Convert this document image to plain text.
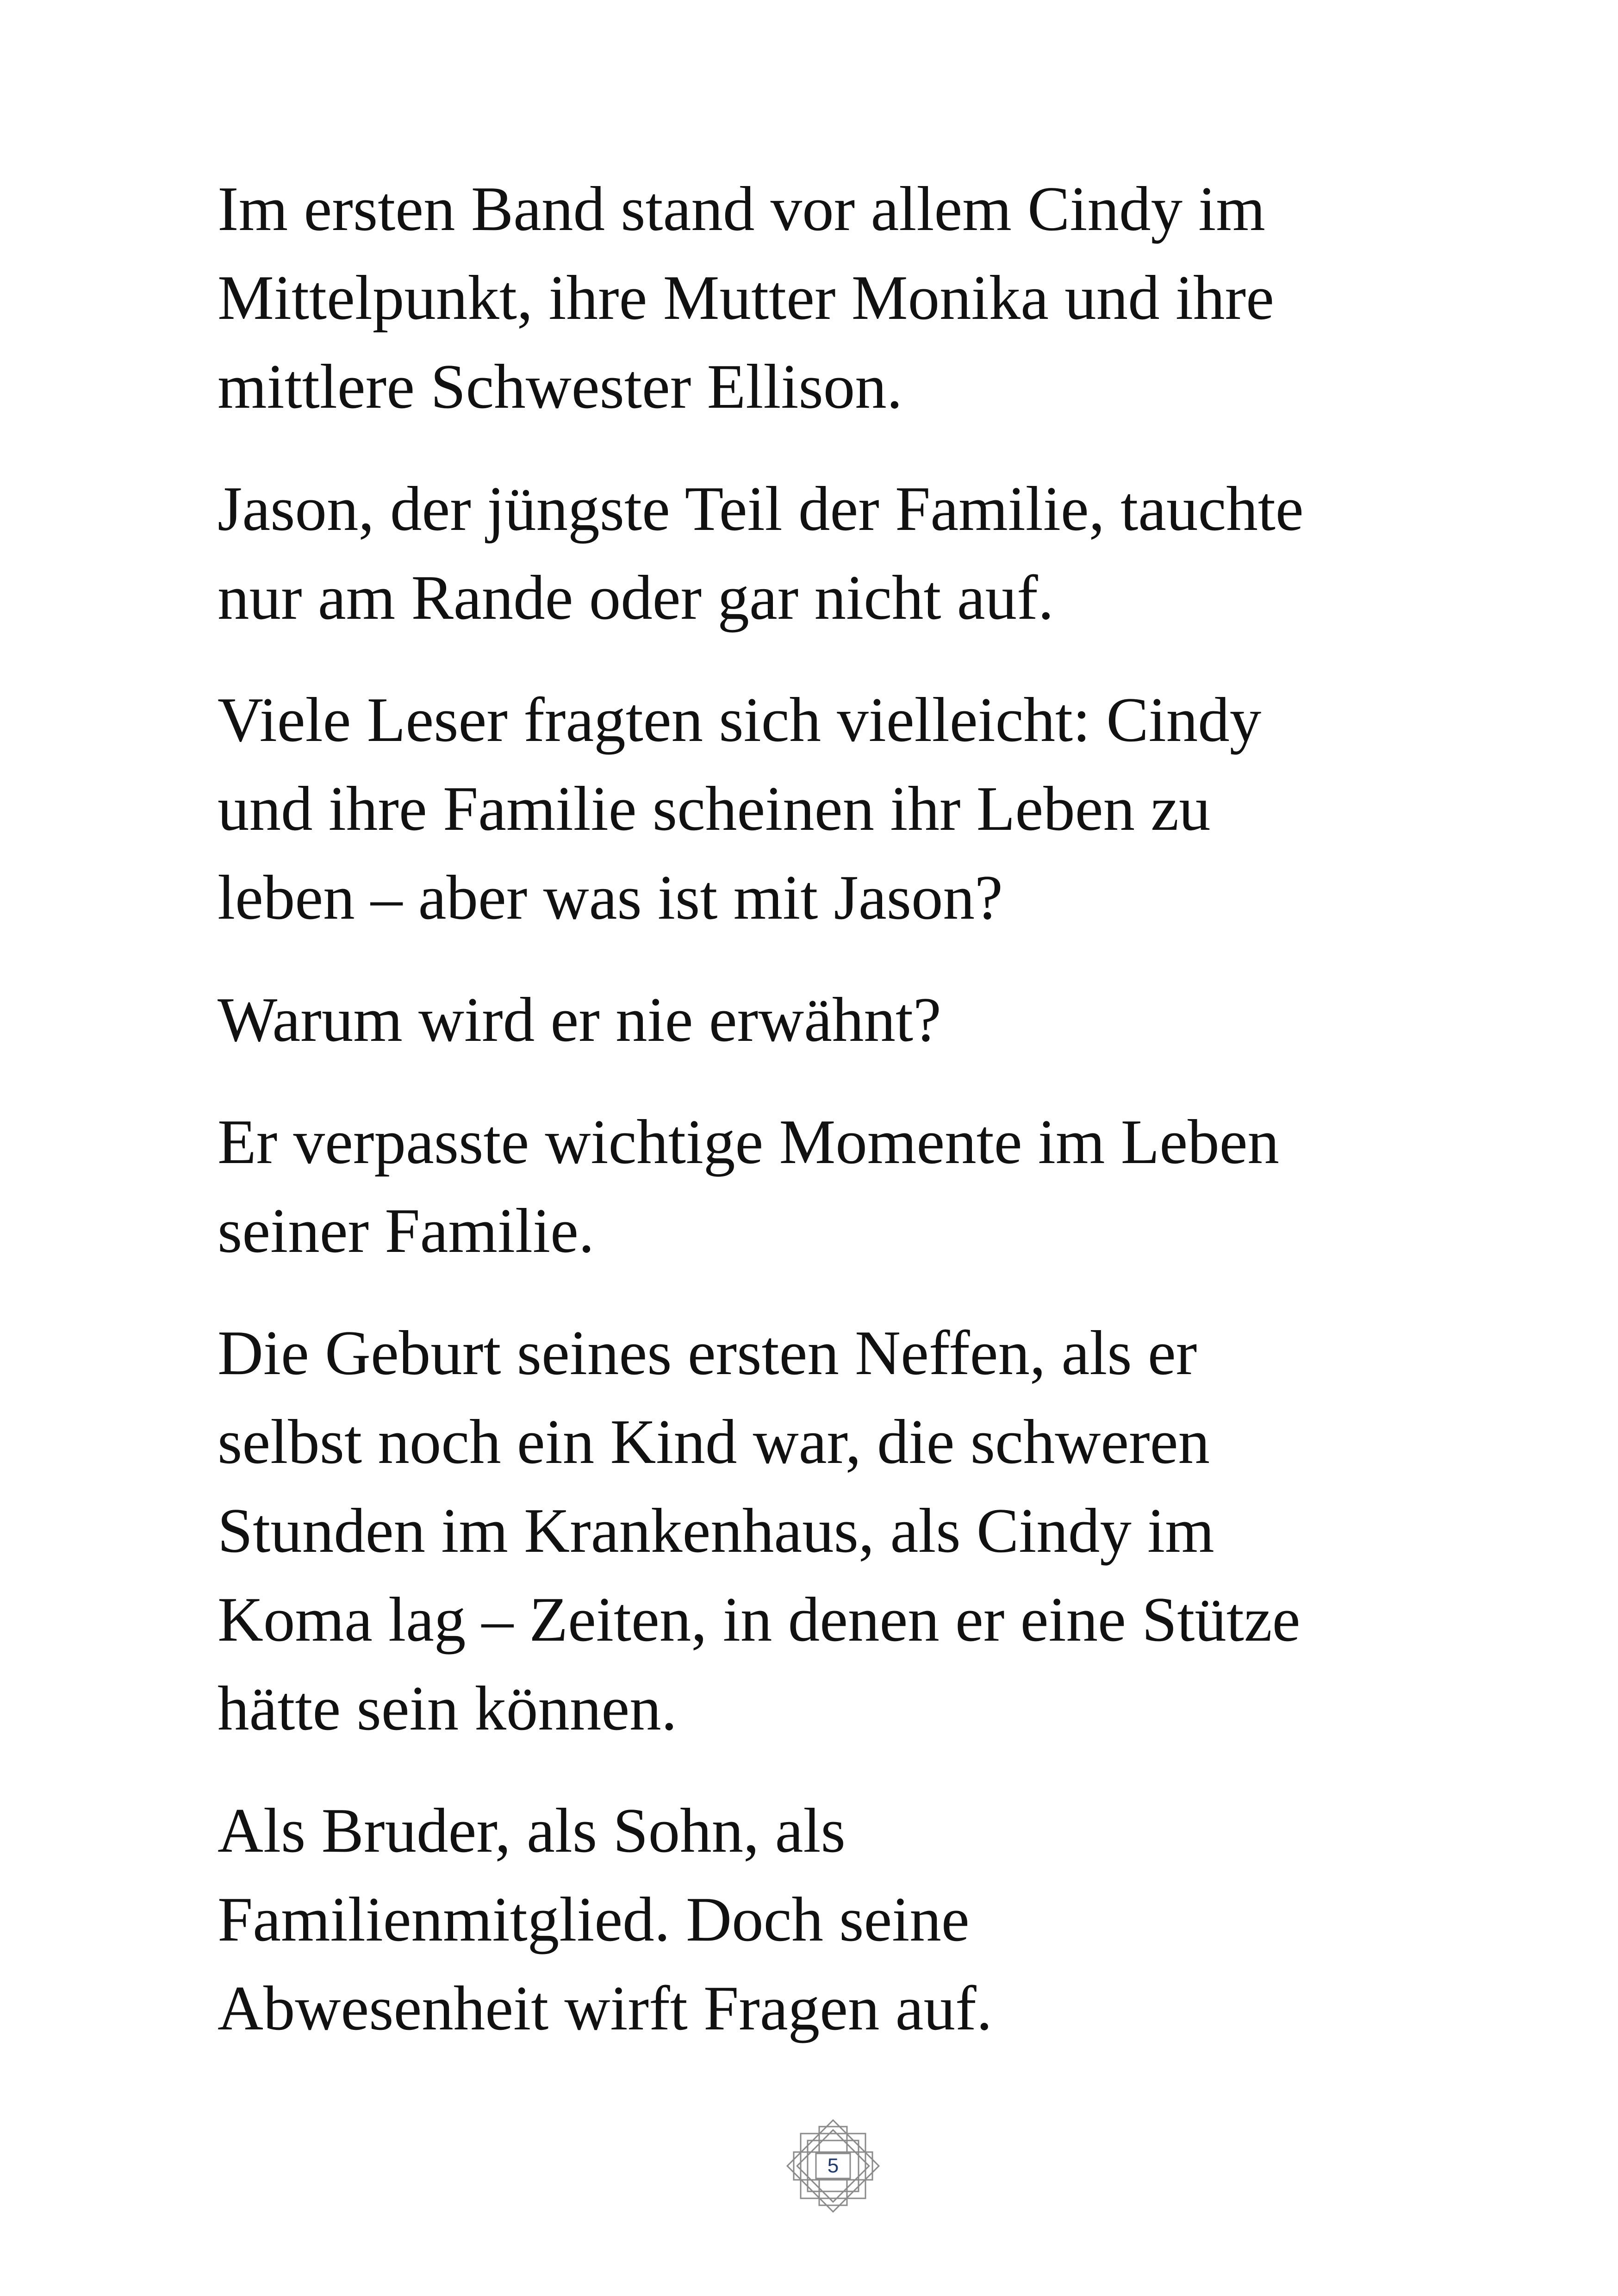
Im ersten Band stand vor allem Cindy im
Mittelpunkt, ihre Mutter Monika und ihre
mittlere Schwester Ellison.

Jason, der jüngste Teil der Familie, tauchte
nur am Rande oder gar nicht auf.

Viele Leser fragten sich vielleicht: Cindy
und ihre Familie scheinen ihr Leben zu
leben – aber was ist mit Jason?

Warum wird er nie erwähnt?

Er verpasste wichtige Momente im Leben
seiner Familie.

Die Geburt seines ersten Neffen, als er
selbst noch ein Kind war, die schweren
Stunden im Krankenhaus, als Cindy im
Koma lag – Zeiten, in denen er eine Stütze
hätte sein können.

Als Bruder, als Sohn, als
Familienmitglied. Doch seine
Abwesenheit wirft Fragen auf.

5
